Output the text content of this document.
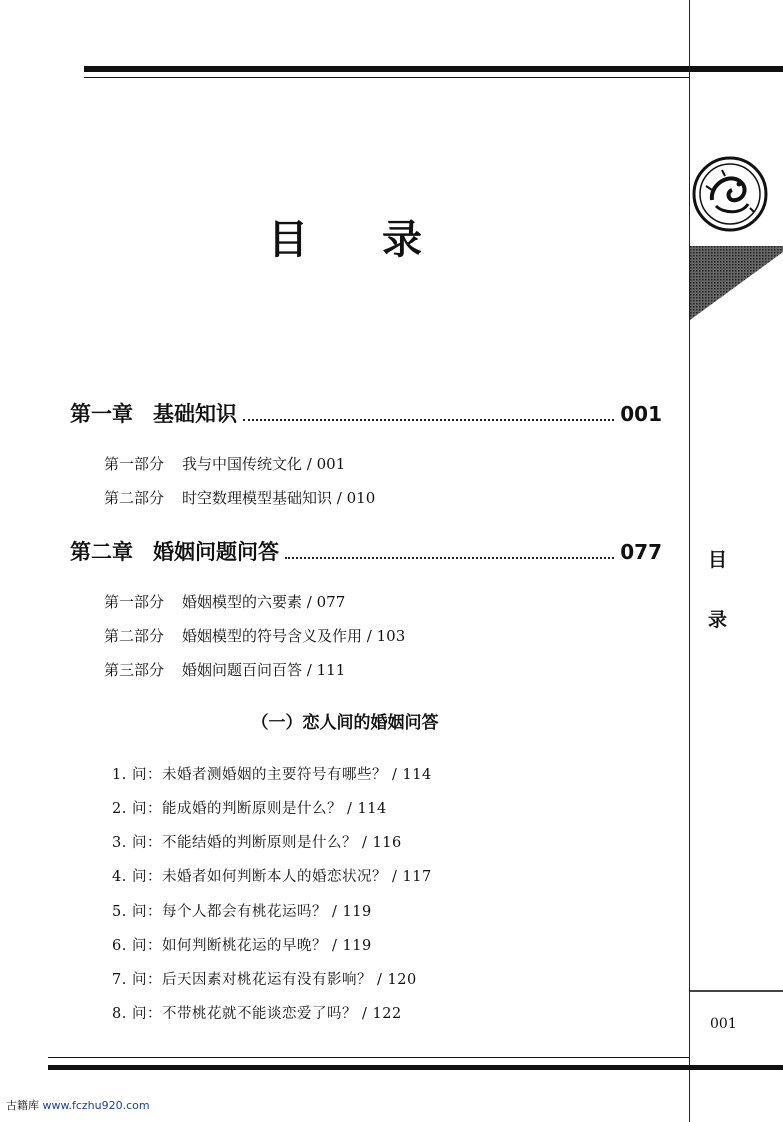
目 录
第一章 基础知识	001
第一部分 我与中国传统文化 / 001
第二部分 时空数理模型基础知识 / 010
第二章 婚姻问题问答	077
第一部分 婚姻模型的六要素 / 077
第二部分 婚姻模型的符号含义及作用 / 103
第三部分 婚姻问题百问百答 / 111
（一）恋人间的婚姻问答
1. 问：未婚者测婚姻的主要符号有哪些？ / 114
2. 问：能成婚的判断原则是什么？ / 114
3. 问：不能结婚的判断原则是什么？ / 116
4. 问：未婚者如何判断本人的婚恋状况？ / 117
5. 问：每个人都会有桃花运吗？ / 119
6. 问：如何判断桃花运的早晚？ / 119
7. 问：后天因素对桃花运有没有影响？ / 120
8. 问：不带桃花就不能谈恋爱了吗？ / 122
目
录
001
古籍库 www.fczhu920.com
